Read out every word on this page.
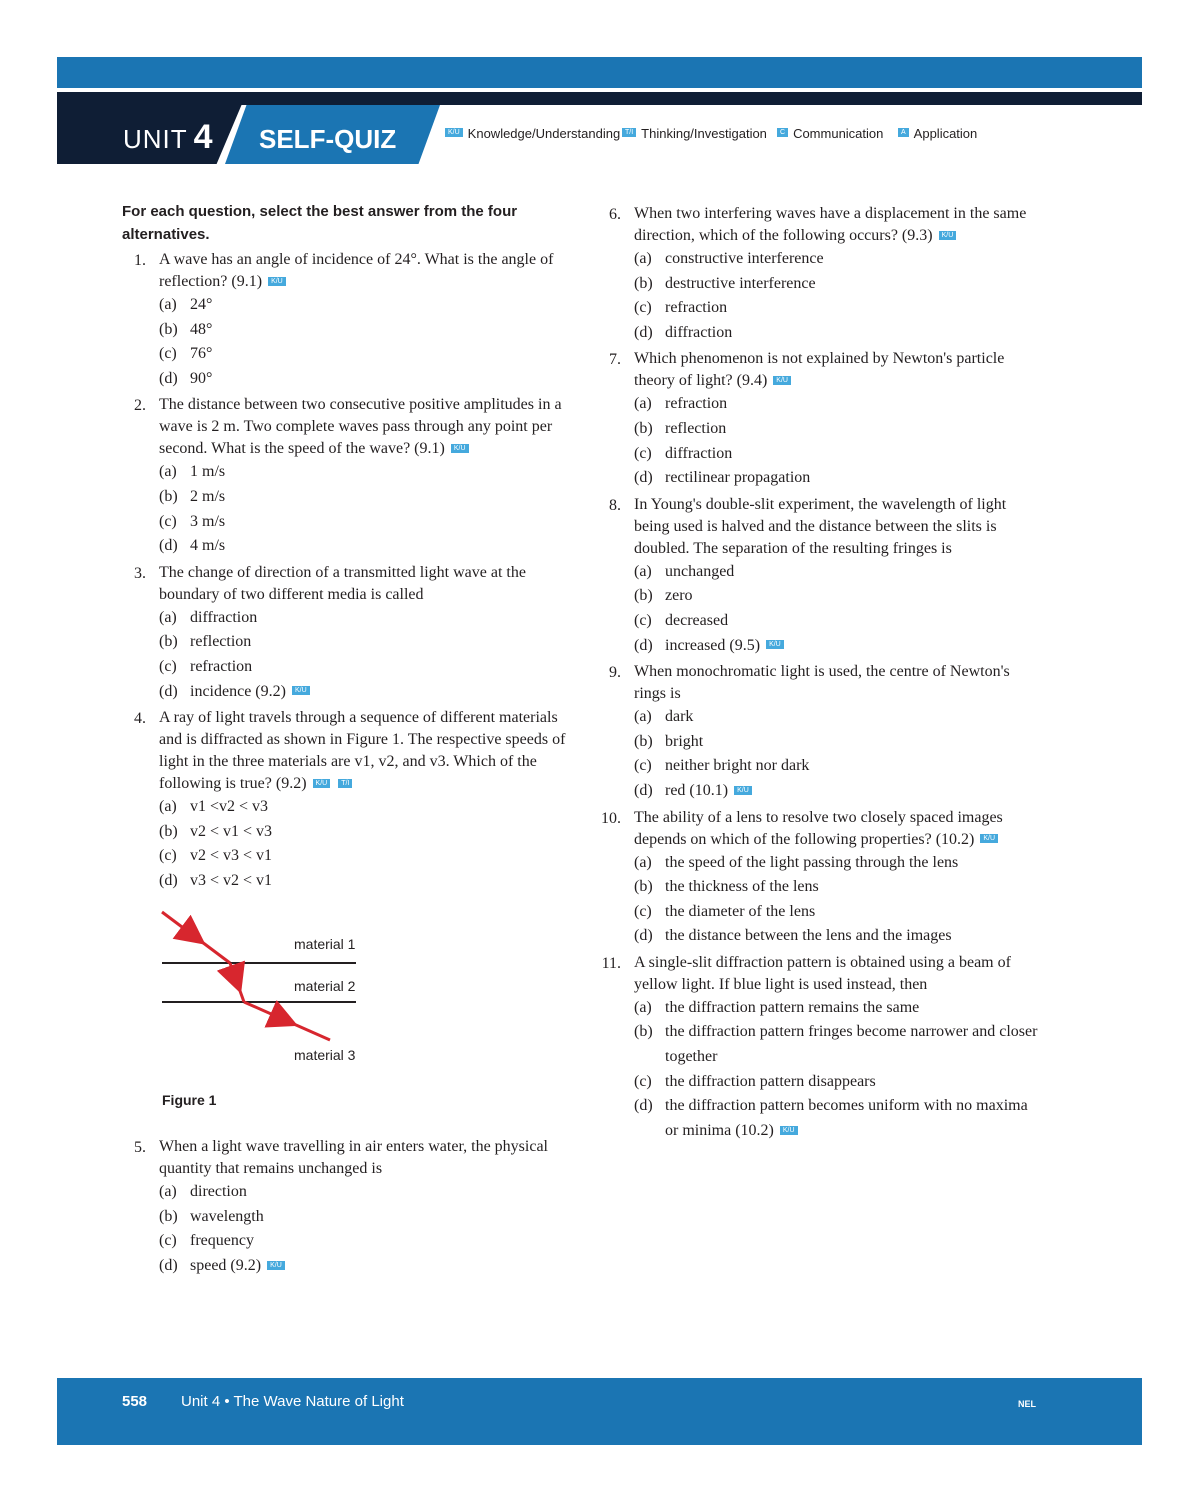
UNIT 4 SELF-QUIZ	K/U Knowledge/Understanding T/I Thinking/Investigation	C Communication	A Application
For each question, select the best answer from the four alternatives.
1. A wave has an angle of incidence of 24°. What is the angle of reflection? (9.1) K/U
(a) 24°
(b) 48°
(c) 76°
(d) 90°
2. The distance between two consecutive positive amplitudes in a wave is 2 m. Two complete waves pass through any point per second. What is the speed of the wave? (9.1) K/U
(a) 1 m/s
(b) 2 m/s
(c) 3 m/s
(d) 4 m/s
3. The change of direction of a transmitted light wave at the boundary of two different media is called
(a) diffraction
(b) reflection
(c) refraction
(d) incidence (9.2) K/U
4. A ray of light travels through a sequence of different materials and is diffracted as shown in Figure 1. The respective speeds of light in the three materials are v1, v2, and v3. Which of the following is true? (9.2) K/U T/I
(a) v1 <v2 < v3
(b) v2 < v1 < v3
(c) v2 < v3 < v1
(d) v3 < v2 < v1
material 1
material 2
material 3
Figure 1
5. When a light wave travelling in air enters water, the physical quantity that remains unchanged is
(a) direction
(b) wavelength
(c) frequency
(d) speed (9.2) K/U
6. When two interfering waves have a displacement in the same direction, which of the following occurs? (9.3) K/U
(a) constructive interference
(b) destructive interference
(c) refraction
(d) diffraction
7. Which phenomenon is not explained by Newton's particle theory of light? (9.4) K/U
(a) refraction
(b) reflection
(c) diffraction
(d) rectilinear propagation
8. In Young's double-slit experiment, the wavelength of light being used is halved and the distance between the slits is doubled. The separation of the resulting fringes is
(a) unchanged
(b) zero
(c) decreased
(d) increased (9.5) K/U
9. When monochromatic light is used, the centre of Newton's rings is
(a) dark
(b) bright
(c) neither bright nor dark
(d) red (10.1) K/U
10. The ability of a lens to resolve two closely spaced images depends on which of the following properties? (10.2) K/U
(a) the speed of the light passing through the lens
(b) the thickness of the lens
(c) the diameter of the lens
(d) the distance between the lens and the images
11. A single-slit diffraction pattern is obtained using a beam of yellow light. If blue light is used instead, then
(a) the diffraction pattern remains the same
(b) the diffraction pattern fringes become narrower and closer together
(c) the diffraction pattern disappears
(d) the diffraction pattern becomes uniform with no maxima or minima (10.2) K/U
558 Unit 4 • The Wave Nature of Light	NEL
